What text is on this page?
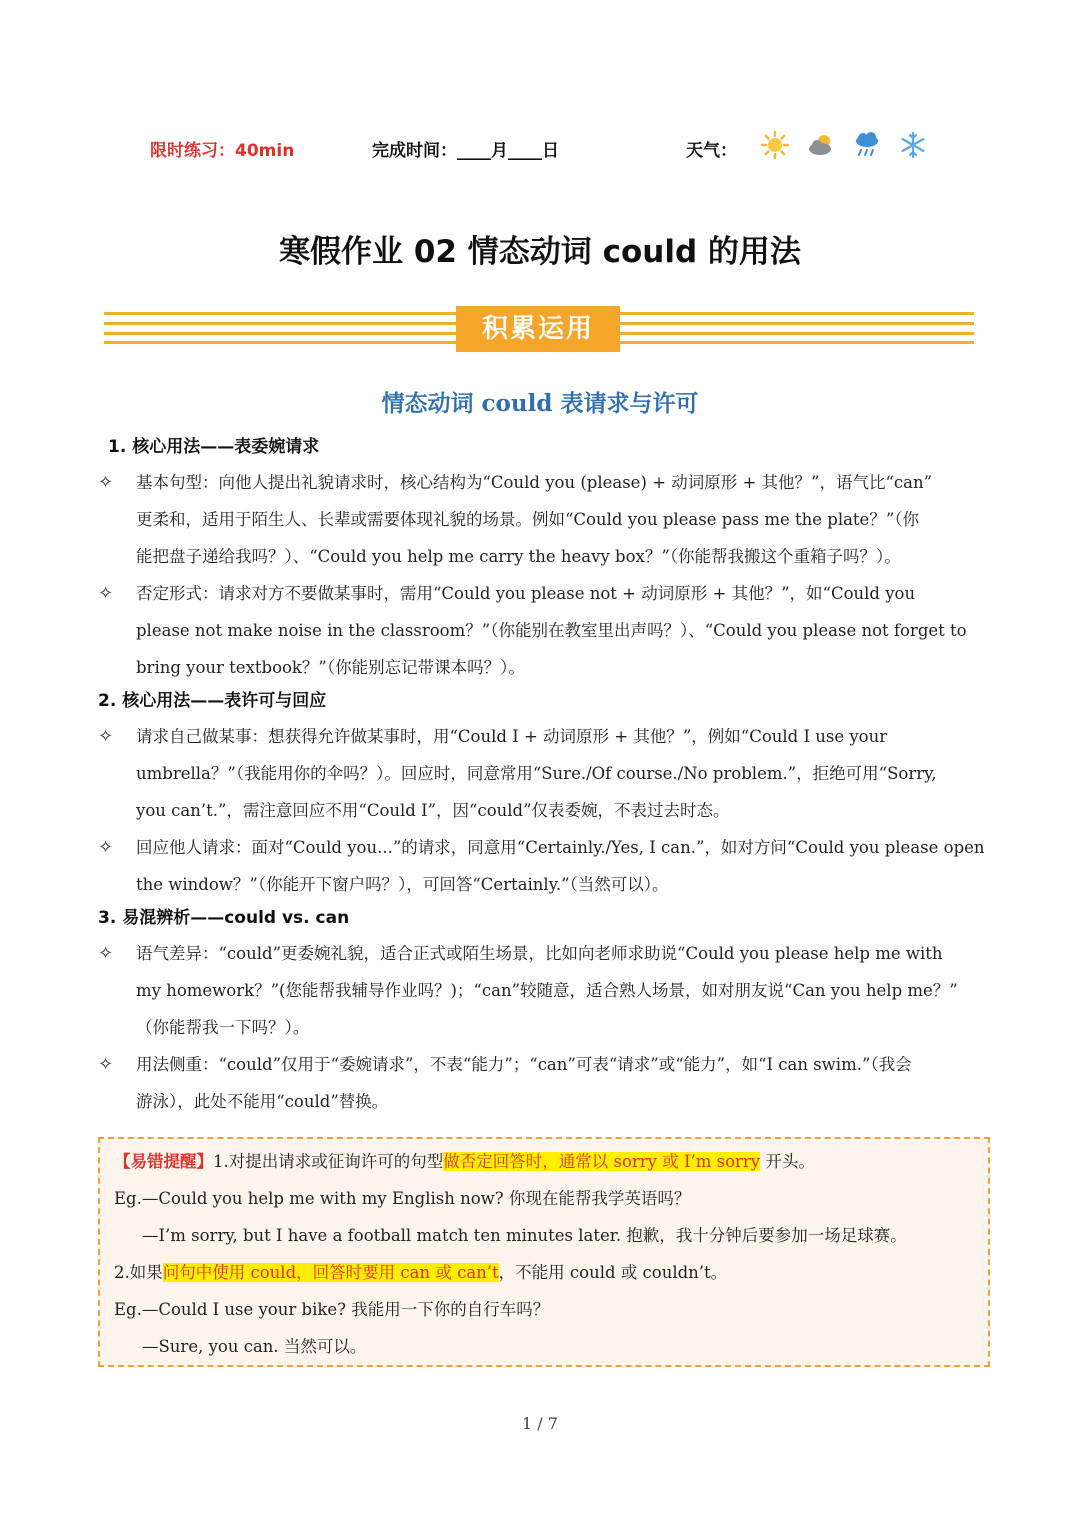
限时练习：40min	完成时间：____月____日	天气：
寒假作业 02 情态动词 could 的用法
积累运用
情态动词 could 表请求与许可
1. 核心用法——表委婉请求
✧ 基本句型：向他人提出礼貌请求时，核心结构为“Could you (please) + 动词原形 + 其他？”，语气比“can”
更柔和，适用于陌生人、长辈或需要体现礼貌的场景。例如“Could you please pass me the plate？”（你
能把盘子递给我吗？）、“Could you help me carry the heavy box？”（你能帮我搬这个重箱子吗？）。
✧ 否定形式：请求对方不要做某事时，需用“Could you please not + 动词原形 + 其他？”，如“Could you
please not make noise in the classroom？”（你能别在教室里出声吗？）、“Could you please not forget to
bring your textbook？”（你能别忘记带课本吗？）。
2. 核心用法——表许可与回应
✧ 请求自己做某事：想获得允许做某事时，用“Could I + 动词原形 + 其他？”，例如“Could I use your
umbrella？”（我能用你的伞吗？）。回应时，同意常用“Sure./Of course./No problem.”，拒绝可用“Sorry,
you can’t.”，需注意回应不用“Could I”，因“could”仅表委婉，不表过去时态。
✧ 回应他人请求：面对“Could you...”的请求，同意用“Certainly./Yes, I can.”，如对方问“Could you please open
the window？”（你能开下窗户吗？），可回答“Certainly.”（当然可以）。
3. 易混辨析——could vs. can
✧ 语气差异：“could”更委婉礼貌，适合正式或陌生场景，比如向老师求助说“Could you please help me with
my homework？”(您能帮我辅导作业吗？)；“can”较随意，适合熟人场景，如对朋友说“Can you help me？”
（你能帮我一下吗？）。
✧ 用法侧重：“could”仅用于“委婉请求”，不表“能力”；“can”可表“请求”或“能力”，如“I can swim.”（我会
游泳），此处不能用“could”替换。
【易错提醒】1.对提出请求或征询许可的句型做否定回答时，通常以 sorry 或 I’m sorry 开头。
Eg.—Could you help me with my English now? 你现在能帮我学英语吗？
—I’m sorry, but I have a football match ten minutes later. 抱歉，我十分钟后要参加一场足球赛。
2.如果问句中使用 could，回答时要用 can 或 can’t，不能用 could 或 couldn’t。
Eg.—Could I use your bike? 我能用一下你的自行车吗？
—Sure, you can. 当然可以。
1 / 7
